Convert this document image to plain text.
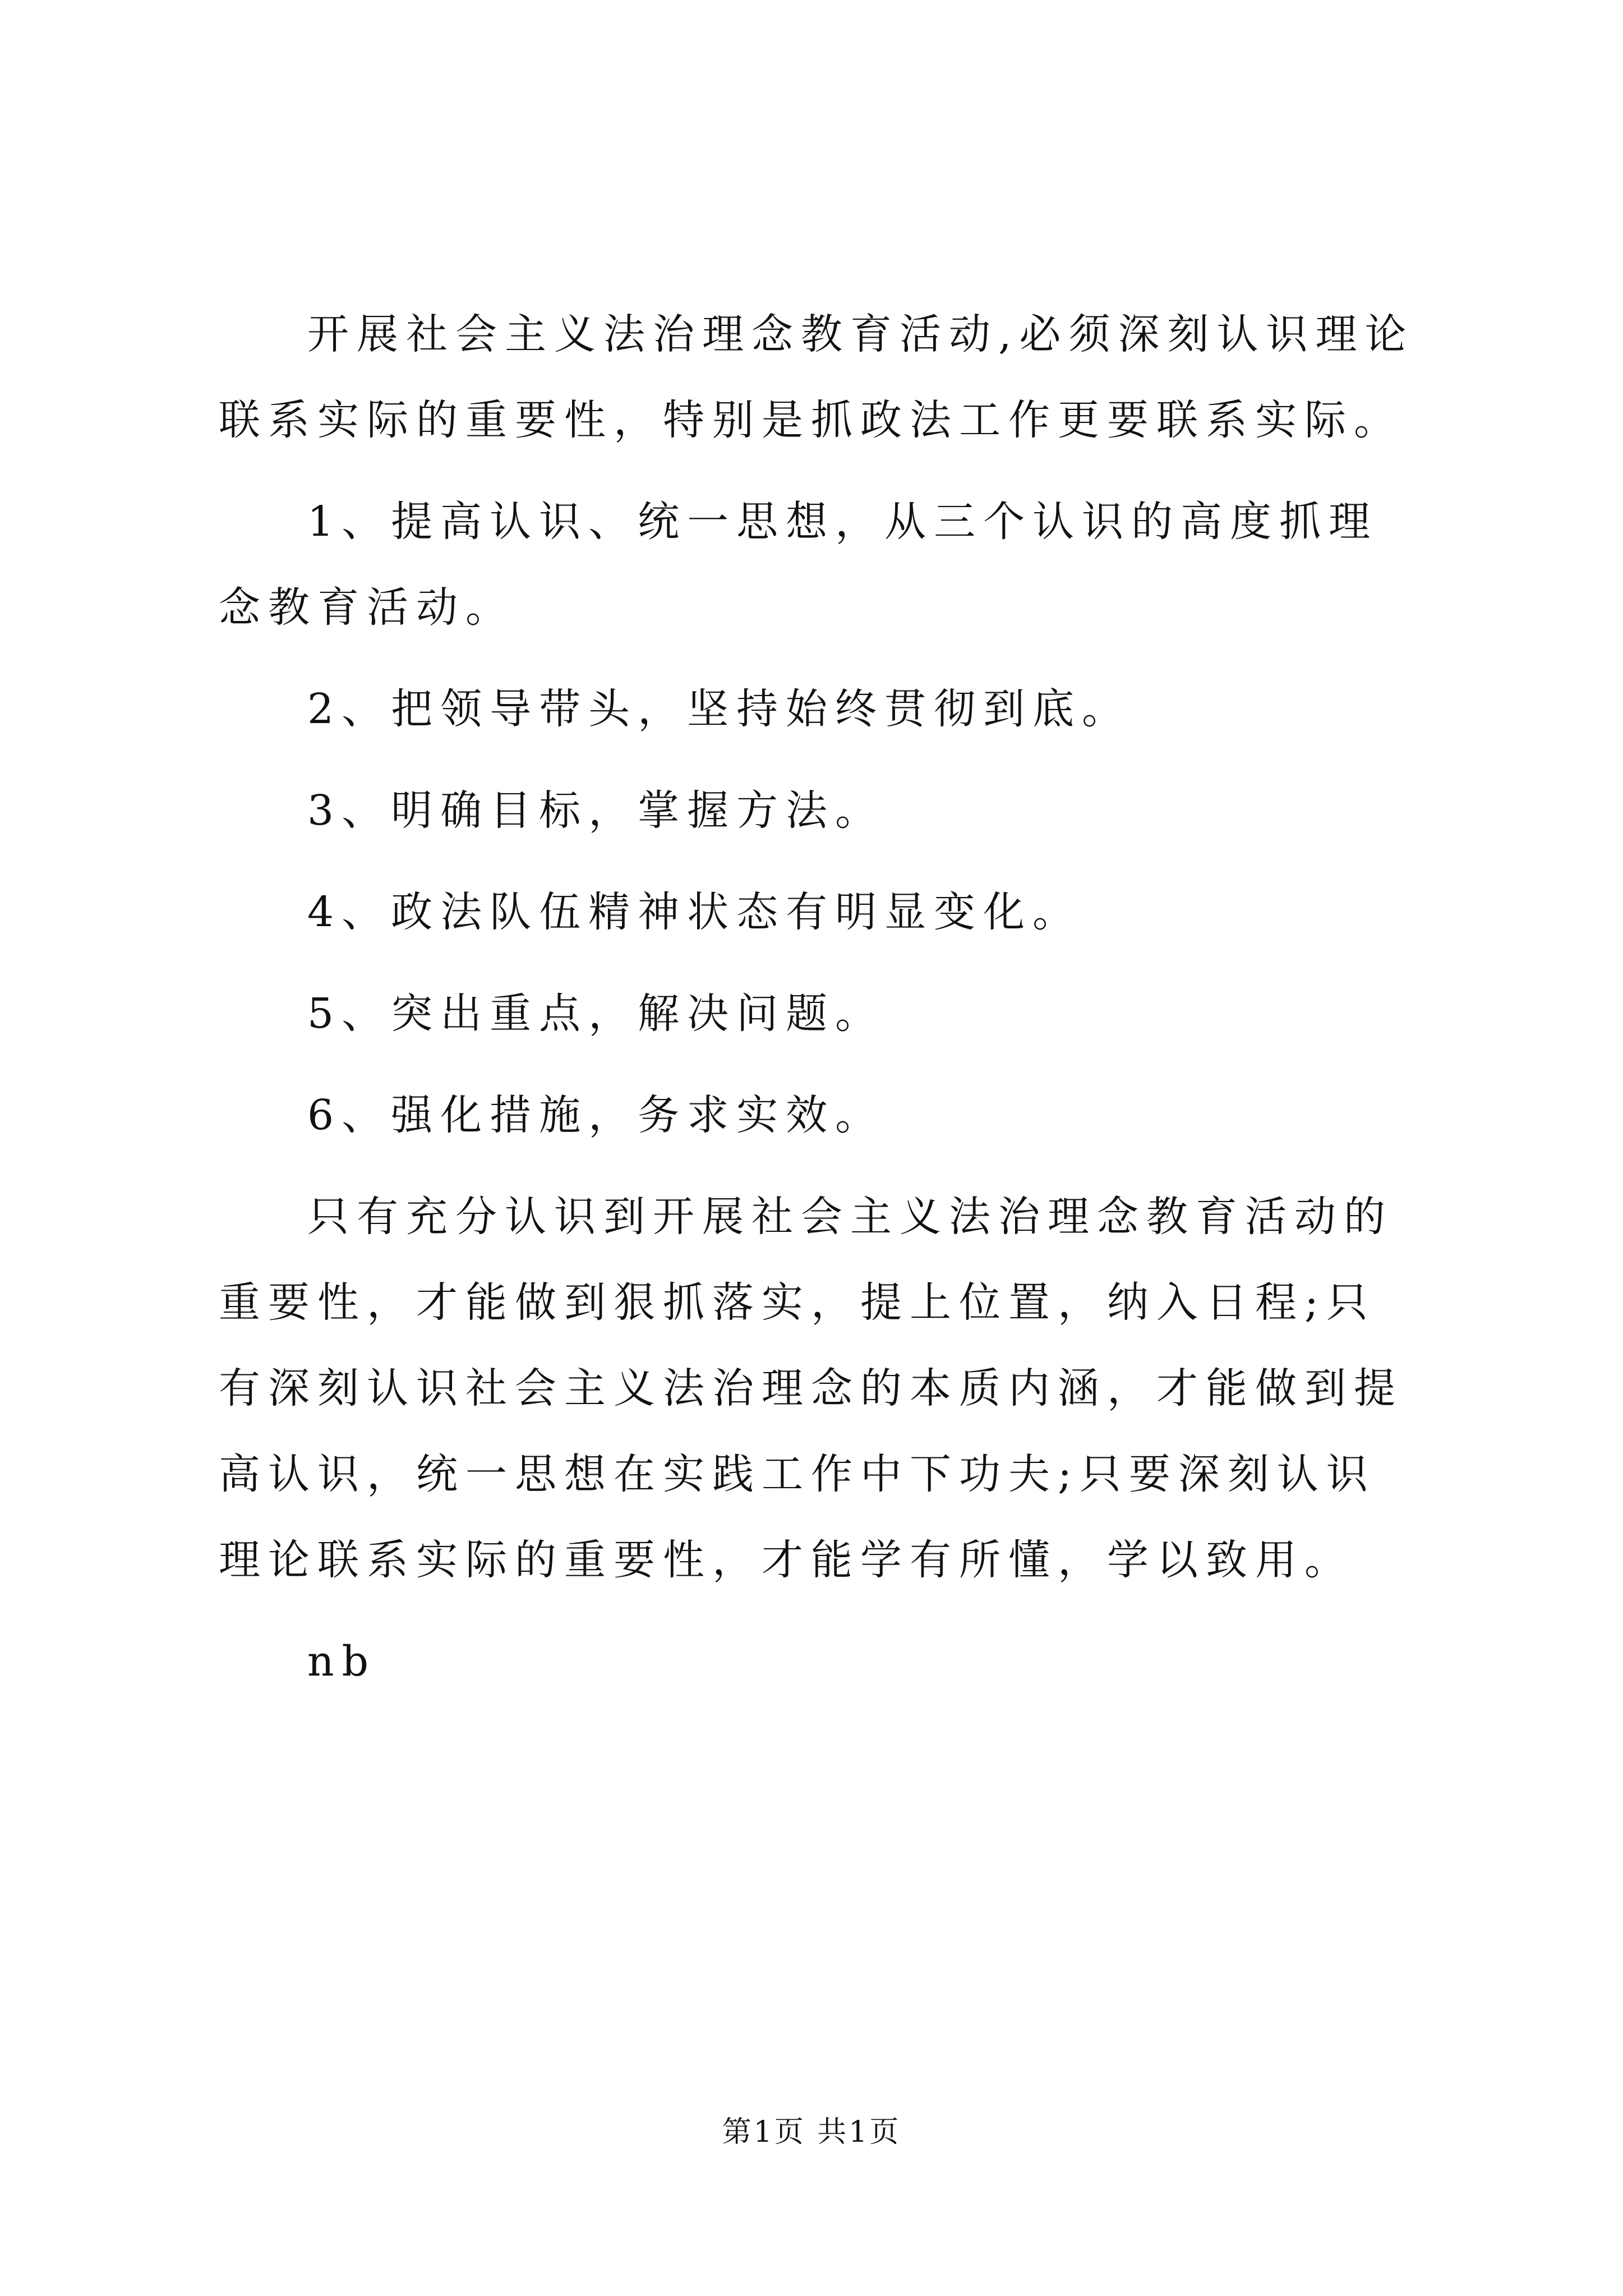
开展社会主义法治理念教育活动,必须深刻认识理论联系实际的重要性，特别是抓政法工作更要联系实际。

1、提高认识、统一思想，从三个认识的高度抓理念教育活动。

2、把领导带头，坚持始终贯彻到底。

3、明确目标，掌握方法。

4、政法队伍精神状态有明显变化。

5、突出重点，解决问题。

6、强化措施，务求实效。

只有充分认识到开展社会主义法治理念教育活动的重要性，才能做到狠抓落实，提上位置，纳入日程;只有深刻认识社会主义法治理念的本质内涵，才能做到提高认识，统一思想在实践工作中下功夫;只要深刻认识理论联系实际的重要性，才能学有所懂，学以致用。

nb

第1页 共1页
